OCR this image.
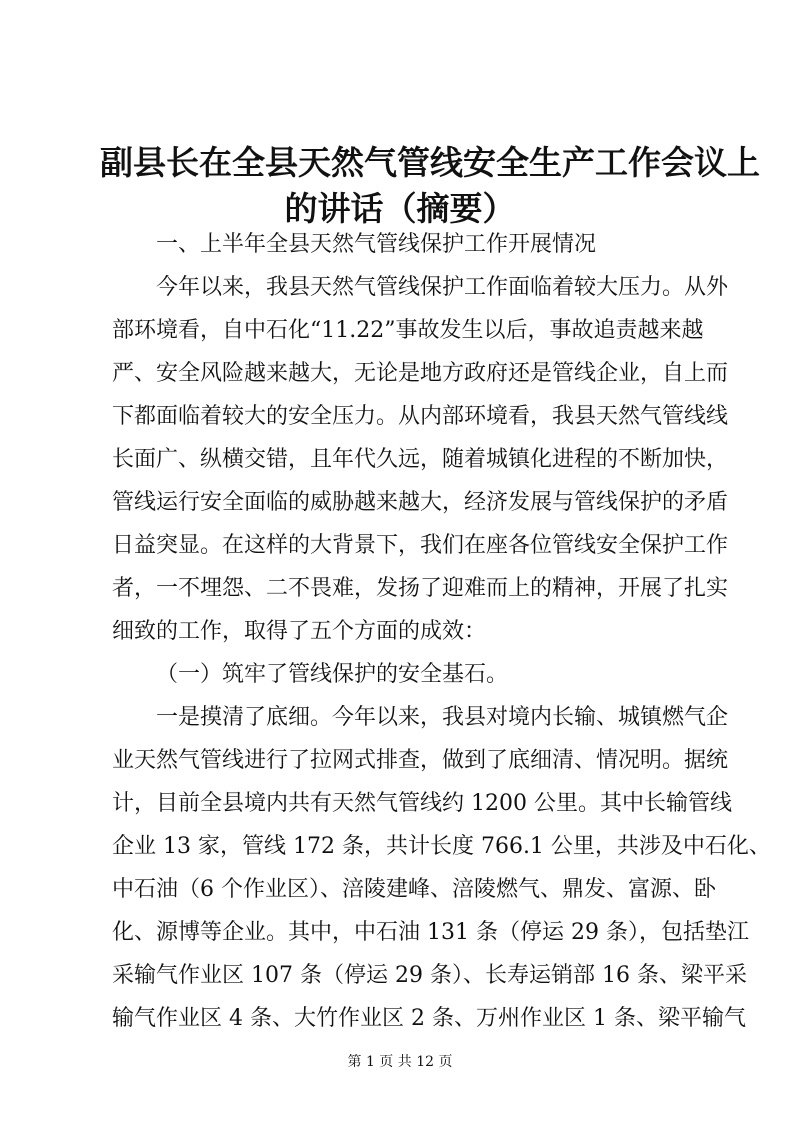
副县长在全县天然气管线安全生产工作会议上
的讲话（摘要）

一、上半年全县天然气管线保护工作开展情况

今年以来，我县天然气管线保护工作面临着较大压力。从外

部环境看，自中石化“11.22”事故发生以后，事故追责越来越

严、安全风险越来越大，无论是地方政府还是管线企业，自上而

下都面临着较大的安全压力。从内部环境看，我县天然气管线线

长面广、纵横交错，且年代久远，随着城镇化进程的不断加快，

管线运行安全面临的威胁越来越大，经济发展与管线保护的矛盾

日益突显。在这样的大背景下，我们在座各位管线安全保护工作

者，一不埋怨、二不畏难，发扬了迎难而上的精神，开展了扎实

细致的工作，取得了五个方面的成效：

（一）筑牢了管线保护的安全基石。

一是摸清了底细。今年以来，我县对境内长输、城镇燃气企

业天然气管线进行了拉网式排查，做到了底细清、情况明。据统

计，目前全县境内共有天然气管线约 1200 公里。其中长输管线

企业 13 家，管线 172 条，共计长度 766.1 公里，共涉及中石化、

中石油（6 个作业区）、涪陵建峰、涪陵燃气、鼎发、富源、卧

化、源博等企业。其中，中石油 131 条（停运 29 条），包括垫江

采输气作业区 107 条（停运 29 条）、长寿运销部 16 条、梁平采

输气作业区 4 条、大竹作业区 2 条、万州作业区 1 条、梁平输气

第 1 页 共 12 页
